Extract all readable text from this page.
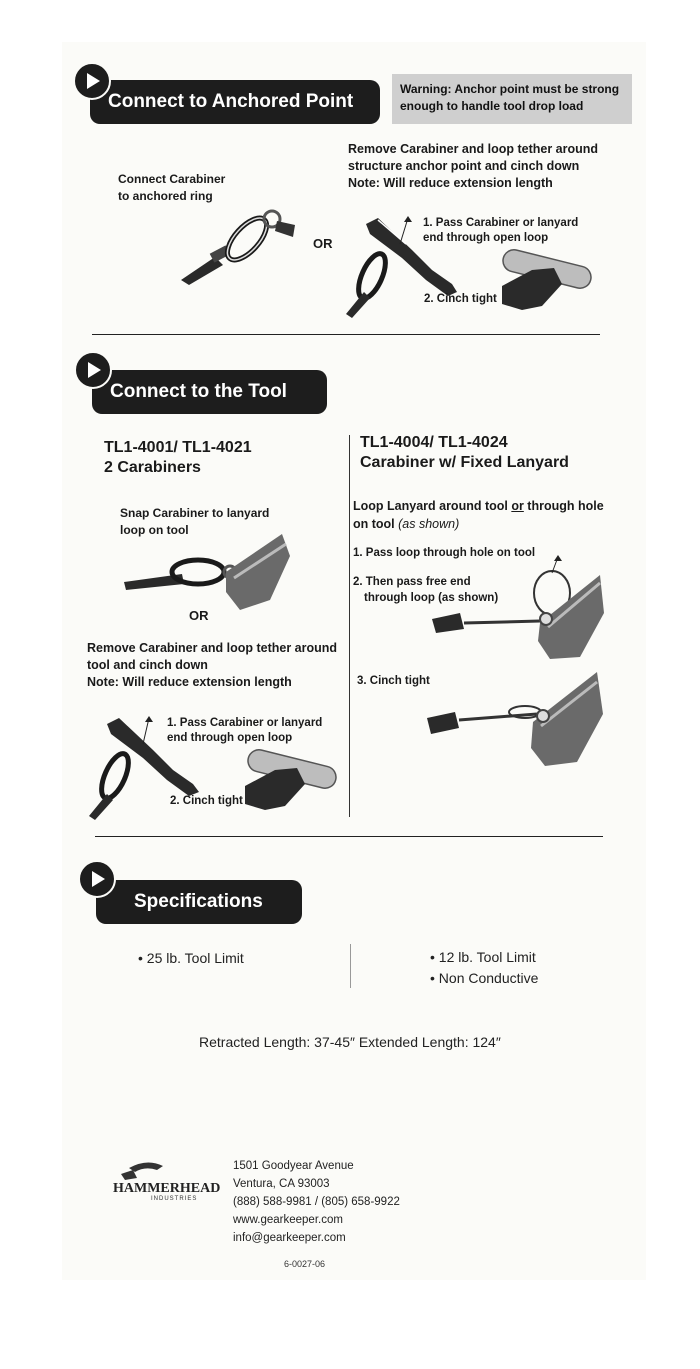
Connect to Anchored Point
Warning: Anchor point must be strong
enough to handle tool drop load
Connect Carabiner
to anchored ring
Remove Carabiner and loop tether around
structure anchor point and cinch down
Note: Will reduce extension length
OR
1. Pass Carabiner or lanyard
end through open loop
2. Cinch tight
Connect to the Tool
TL1-4001/ TL1-4021
2 Carabiners
Snap Carabiner to lanyard
loop on tool
OR
Remove Carabiner and loop tether around
tool and cinch down
Note: Will reduce extension length
1. Pass Carabiner or lanyard
end through open loop
2. Cinch tight
TL1-4004/ TL1-4024
Carabiner w/ Fixed Lanyard
Loop Lanyard around tool or through hole
on tool (as shown)
1. Pass loop through hole on tool
2. Then pass free end
through loop (as shown)
3. Cinch tight
Specifications
• 25 lb. Tool Limit	• 12 lb. Tool Limit
• Non Conductive
Retracted Length: 37-45″ Extended Length: 124″
HAMMERHEAD
INDUSTRIES
1501 Goodyear Avenue
Ventura, CA 93003
(888) 588-9981 / (805) 658-9922
www.gearkeeper.com
info@gearkeeper.com
6-0027-06
